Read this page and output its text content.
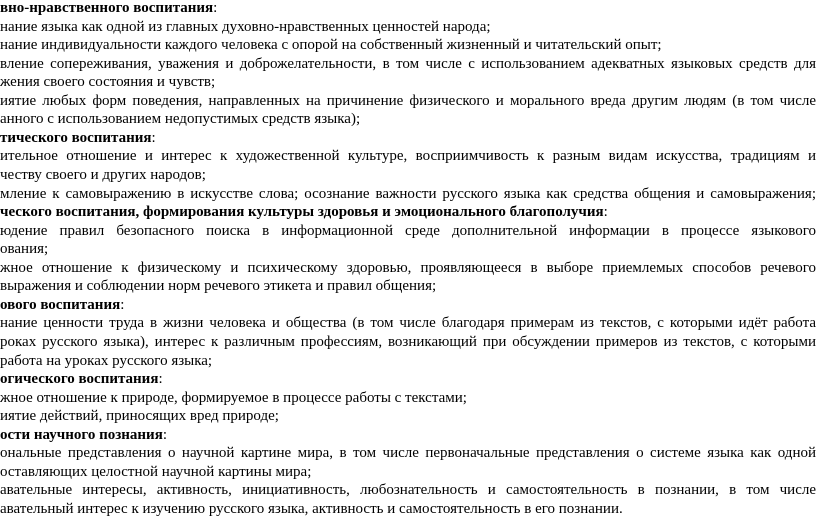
вно-нравственного воспитания:
нание языка как одной из главных духовно-нравственных ценностей народа;
нание индивидуальности каждого человека с опорой на собственный жизненный и читательский опыт;
вление сопереживания, уважения и доброжелательности, в том числе с использованием адекватных языковых средств для
жения своего состояния и чувств;
иятие любых форм поведения, направленных на причинение физического и морального вреда другим людям (в том числе
анного с использованием недопустимых средств языка);
тического воспитания:
ительное отношение и интерес к художественной культуре, восприимчивость к разным видам искусства, традициям и
честву своего и других народов;
мление к самовыражению в искусстве слова; осознание важности русского языка как средства общения и самовыражения;
ческого воспитания, формирования культуры здоровья и эмоционального благополучия:
юдение правил безопасного поиска в информационной среде дополнительной информации в процессе языкового
ования;
жное отношение к физическому и психическому здоровью, проявляющееся в выборе приемлемых способов речевого
выражения и соблюдении норм речевого этикета и правил общения;
ового воспитания:
нание ценности труда в жизни человека и общества (в том числе благодаря примерам из текстов, с которыми идёт работа
роках русского языка), интерес к различным профессиям, возникающий при обсуждении примеров из текстов, с которыми
работа на уроках русского языка;
огического воспитания:
жное отношение к природе, формируемое в процессе работы с текстами;
иятие действий, приносящих вред природе;
ости научного познания:
ональные представления о научной картине мира, в том числе первоначальные представления о системе языка как одной
оставляющих целостной научной картины мира;
авательные интересы, активность, инициативность, любознательность и самостоятельность в познании, в том числе
авательный интерес к изучению русского языка, активность и самостоятельность в его познании.
